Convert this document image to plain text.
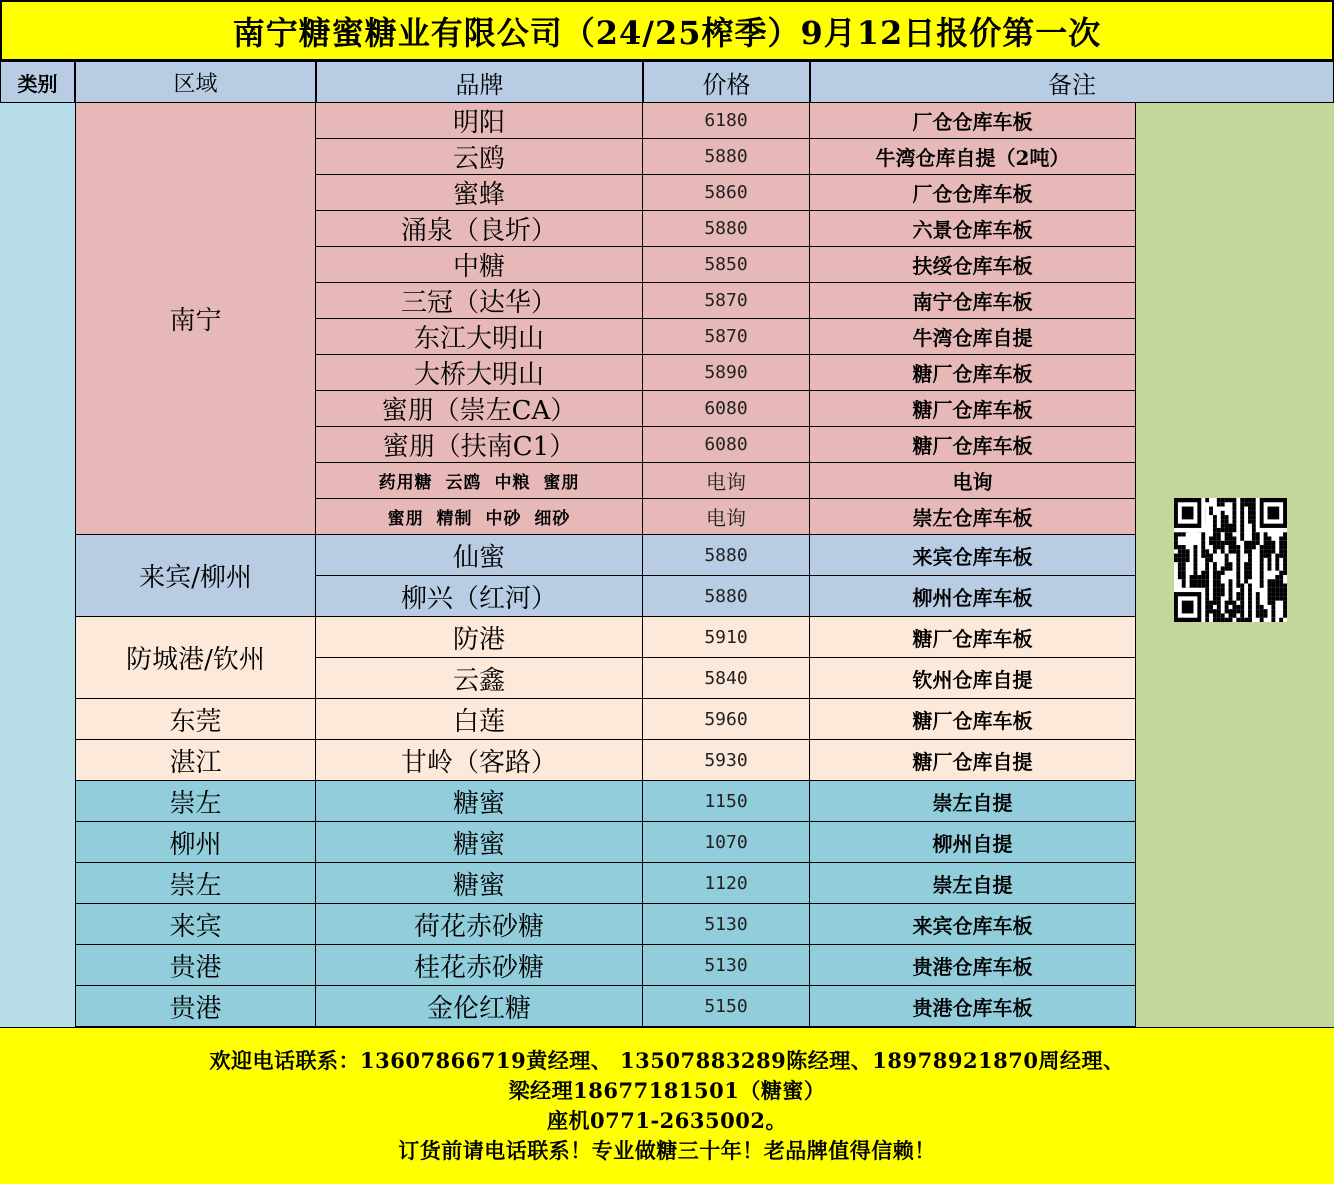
南宁糖蜜糖业有限公司（24/25榨季）9月12日报价第一次
类别	区域	品牌	价格	备注
南宁
明阳	6180	厂仓仓库车板
云鸥	5880	牛湾仓库自提（2吨）
蜜蜂	5860	厂仓仓库车板
涌泉（良圻）	5880	六景仓库车板
中糖	5850	扶绥仓库车板
三冠（达华）	5870	南宁仓库车板
东江大明山	5870	牛湾仓库自提
大桥大明山	5890	糖厂仓库车板
蜜朋（崇左CA）	6080	糖厂仓库车板
蜜朋（扶南C1）	6080	糖厂仓库车板
药用糖 云鸥 中粮 蜜朋	电询	电询
蜜朋 精制 中砂 细砂	电询	崇左仓库车板
来宾/柳州
仙蜜	5880	来宾仓库车板
柳兴（红河）	5880	柳州仓库车板
防城港/钦州
防港	5910	糖厂仓库车板
云鑫	5840	钦州仓库自提
东莞	白莲	5960	糖厂仓库车板
湛江	甘岭（客路）	5930	糖厂仓库自提
崇左	糖蜜	1150	崇左自提
柳州	糖蜜	1070	柳州自提
崇左	糖蜜	1120	崇左自提
来宾	荷花赤砂糖	5130	来宾仓库车板
贵港	桂花赤砂糖	5130	贵港仓库车板
贵港	金伦红糖	5150	贵港仓库车板
欢迎电话联系：13607866719黄经理、 13507883289陈经理、18978921870周经理、
梁经理18677181501（糖蜜）
座机0771-2635002。
订货前请电话联系！专业做糖三十年！老品牌值得信赖！
